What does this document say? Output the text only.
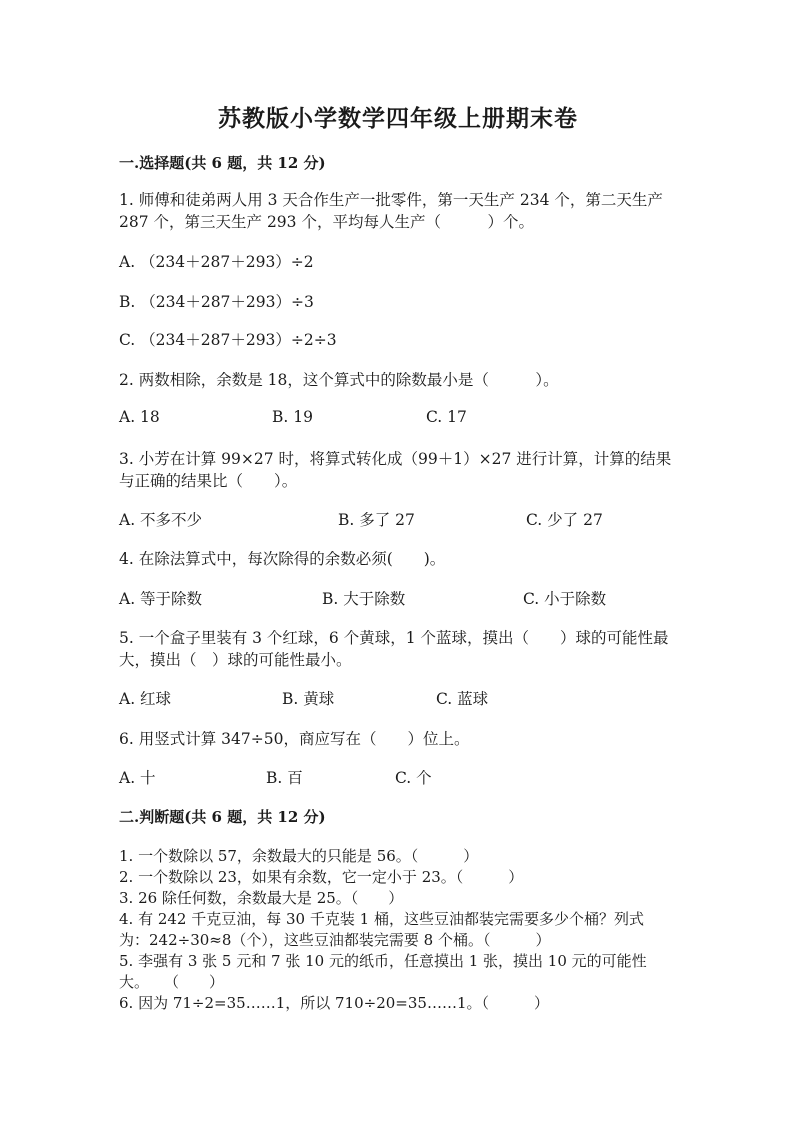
苏教版小学数学四年级上册期末卷
一.选择题(共 6 题，共 12 分)
1. 师傅和徒弟两人用 3 天合作生产一批零件，第一天生产 234 个，第二天生产
287 个，第三天生产 293 个，平均每人生产（　　　）个。
A. （234＋287＋293）÷2
B. （234＋287＋293）÷3
C. （234＋287＋293）÷2÷3
2. 两数相除，余数是 18，这个算式中的除数最小是（　　　）。
A. 18	B. 19	C. 17
3. 小芳在计算 99×27 时，将算式转化成（99＋1）×27 进行计算，计算的结果
与正确的结果比（　　）。
A. 不多不少	B. 多了 27	C. 少了 27
4. 在除法算式中，每次除得的余数必须(　　)。
A. 等于除数	B. 大于除数	C. 小于除数
5. 一个盒子里装有 3 个红球，6 个黄球，1 个蓝球，摸出（　　）球的可能性最
大，摸出（　）球的可能性最小。
A. 红球	B. 黄球	C. 蓝球
6. 用竖式计算 347÷50，商应写在（　　）位上。
A. 十	B. 百	C. 个
二.判断题(共 6 题，共 12 分)
1. 一个数除以 57，余数最大的只能是 56。（　　　）
2. 一个数除以 23，如果有余数，它一定小于 23。（　　　）
3. 26 除任何数，余数最大是 25。（　　）
4. 有 242 千克豆油，每 30 千克装 1 桶，这些豆油都装完需要多少个桶？列式
为：242÷30≈8（个），这些豆油都装完需要 8 个桶。（　　　）
5. 李强有 3 张 5 元和 7 张 10 元的纸币，任意摸出 1 张，摸出 10 元的可能性
大。　　（　　）
6. 因为 71÷2=35……1，所以 710÷20=35……1。（　　　）
